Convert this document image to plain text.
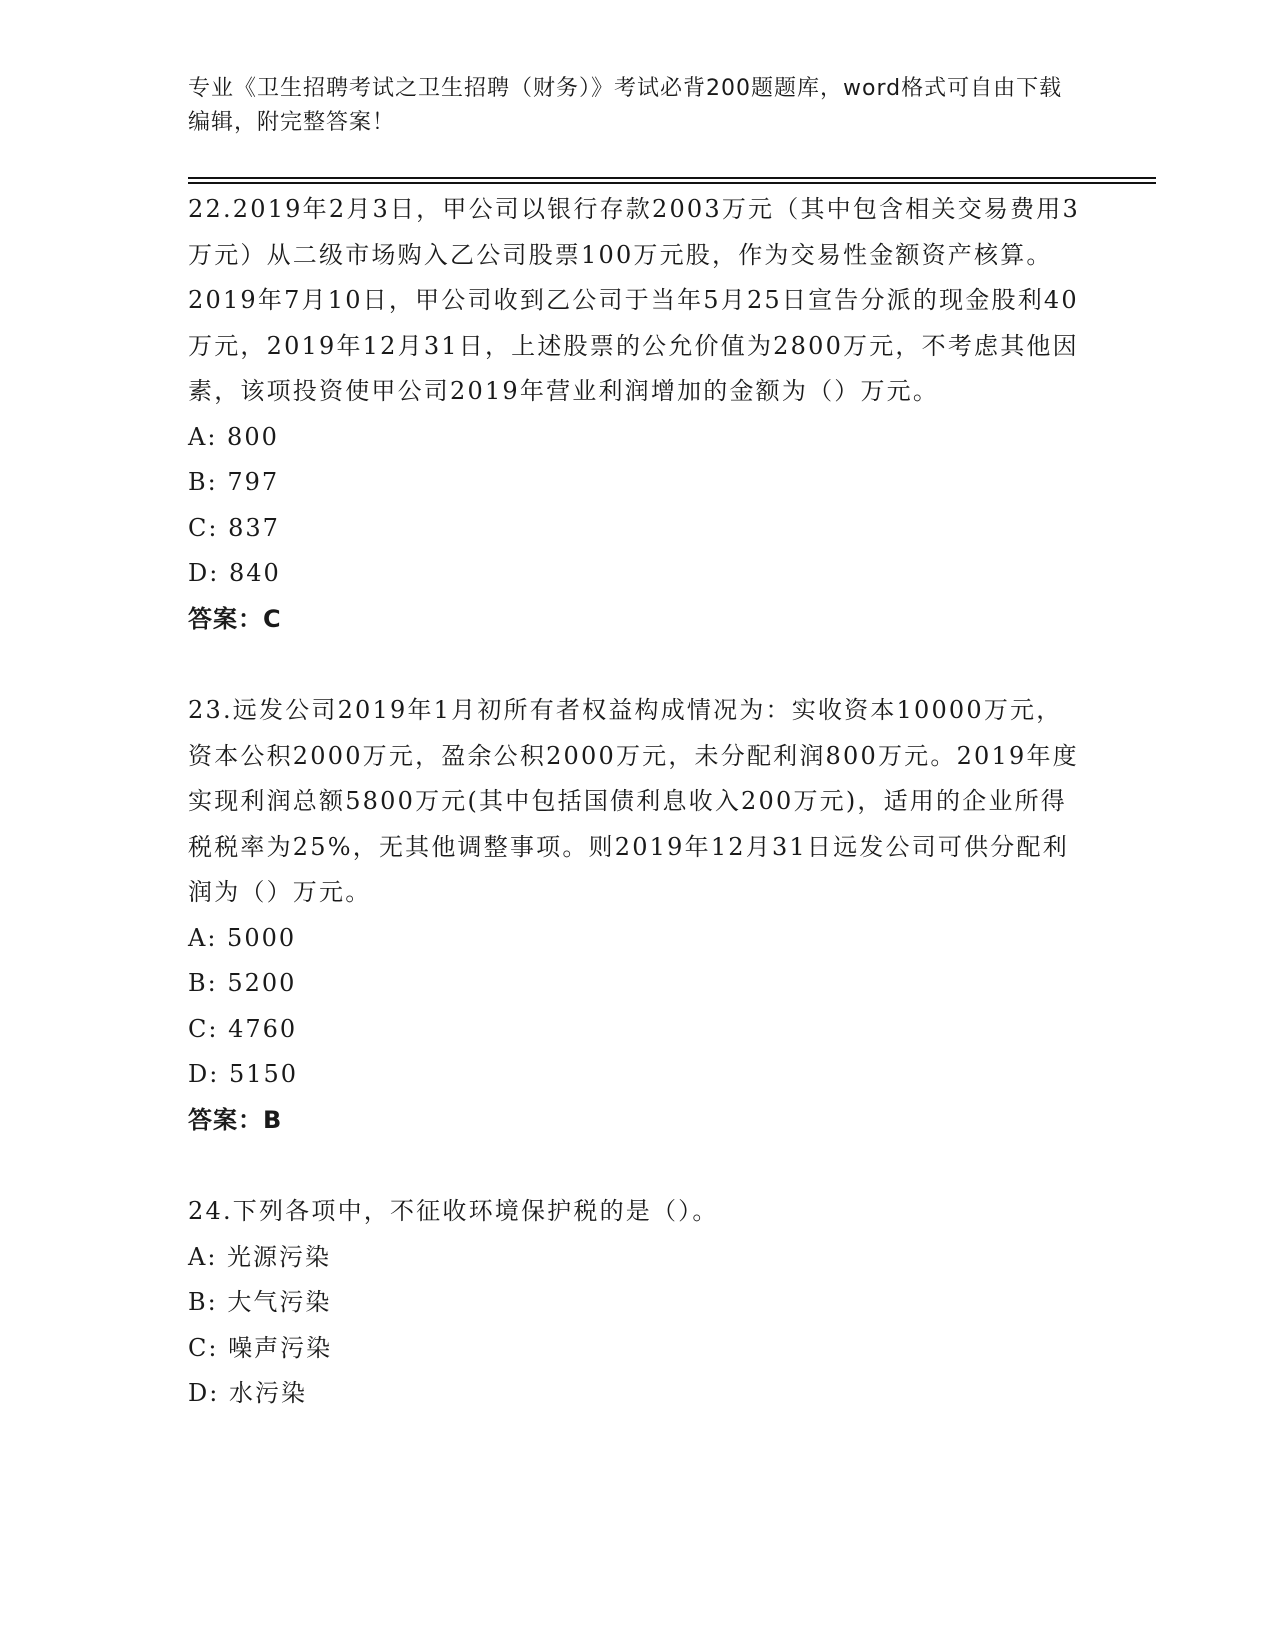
专业《卫生招聘考试之卫生招聘（财务）》考试必背200题题库，word格式可自由下载编辑，附完整答案！

22.2019年2月3日，甲公司以银行存款2003万元（其中包含相关交易费用3万元）从二级市场购入乙公司股票100万元股，作为交易性金额资产核算。2019年7月10日，甲公司收到乙公司于当年5月25日宣告分派的现金股利40万元，2019年12月31日，上述股票的公允价值为2800万元，不考虑其他因素，该项投资使甲公司2019年营业利润增加的金额为（）万元。

A: 800

B: 797

C: 837

D: 840

答案：C

23.远发公司2019年1月初所有者权益构成情况为：实收资本10000万元，资本公积2000万元，盈余公积2000万元，未分配利润800万元。2019年度实现利润总额5800万元(其中包括国债利息收入200万元)，适用的企业所得税税率为25%，无其他调整事项。则2019年12月31日远发公司可供分配利润为（）万元。

A: 5000

B: 5200

C: 4760

D: 5150

答案：B

24.下列各项中，不征收环境保护税的是（）。

A: 光源污染

B: 大气污染

C: 噪声污染

D: 水污染
